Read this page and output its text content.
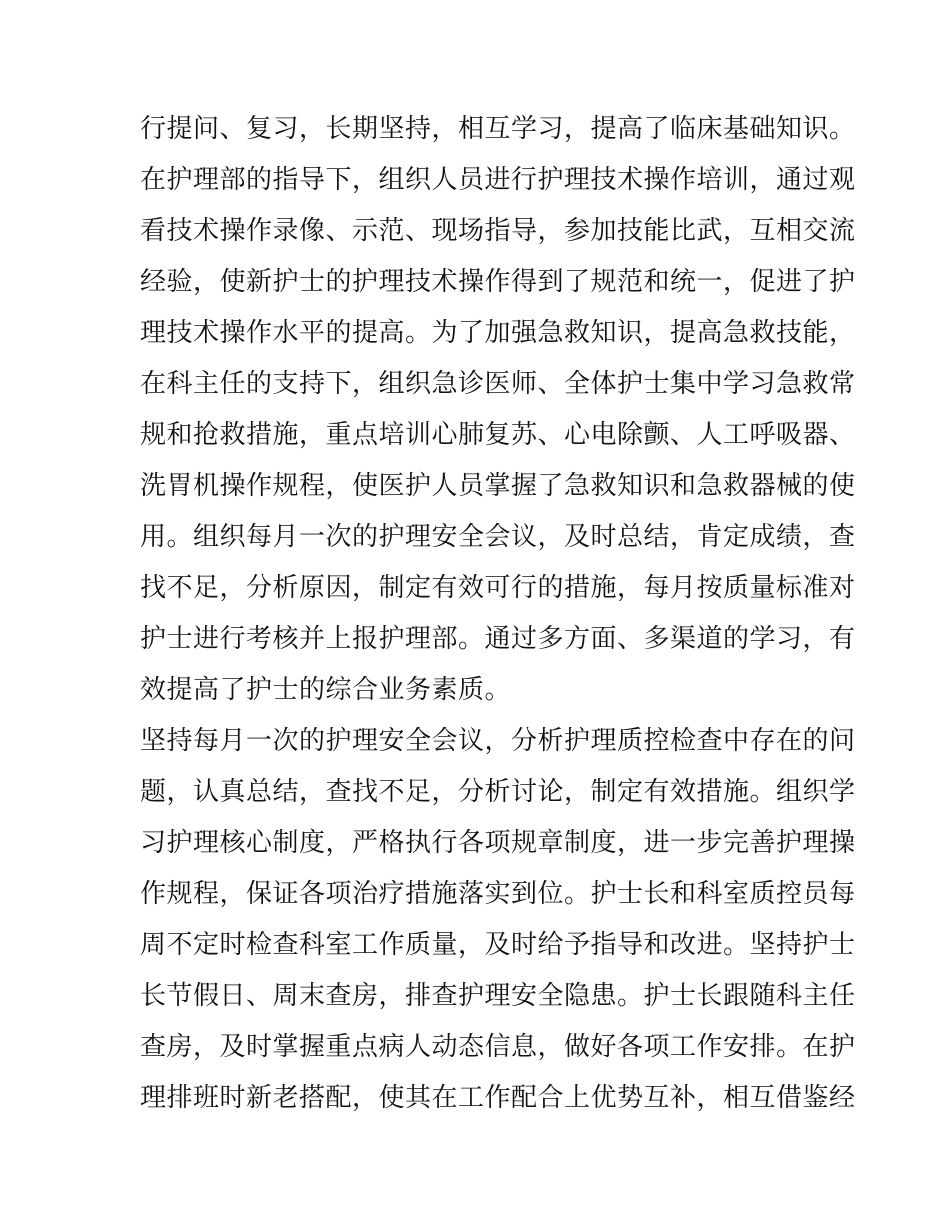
行提问、复习，长期坚持，相互学习，提高了临床基础知识。
在护理部的指导下，组织人员进行护理技术操作培训，通过观
看技术操作录像、示范、现场指导，参加技能比武，互相交流
经验，使新护士的护理技术操作得到了规范和统一，促进了护
理技术操作水平的提高。为了加强急救知识，提高急救技能，
在科主任的支持下，组织急诊医师、全体护士集中学习急救常
规和抢救措施，重点培训心肺复苏、心电除颤、人工呼吸器、
洗胃机操作规程，使医护人员掌握了急救知识和急救器械的使
用。组织每月一次的护理安全会议，及时总结，肯定成绩，查
找不足，分析原因，制定有效可行的措施，每月按质量标准对
护士进行考核并上报护理部。通过多方面、多渠道的学习，有
效提高了护士的综合业务素质。
坚持每月一次的护理安全会议，分析护理质控检查中存在的问
题，认真总结，查找不足，分析讨论，制定有效措施。组织学
习护理核心制度，严格执行各项规章制度，进一步完善护理操
作规程，保证各项治疗措施落实到位。护士长和科室质控员每
周不定时检查科室工作质量，及时给予指导和改进。坚持护士
长节假日、周末查房，排查护理安全隐患。护士长跟随科主任
查房，及时掌握重点病人动态信息，做好各项工作安排。在护
理排班时新老搭配，使其在工作配合上优势互补，相互借鉴经
